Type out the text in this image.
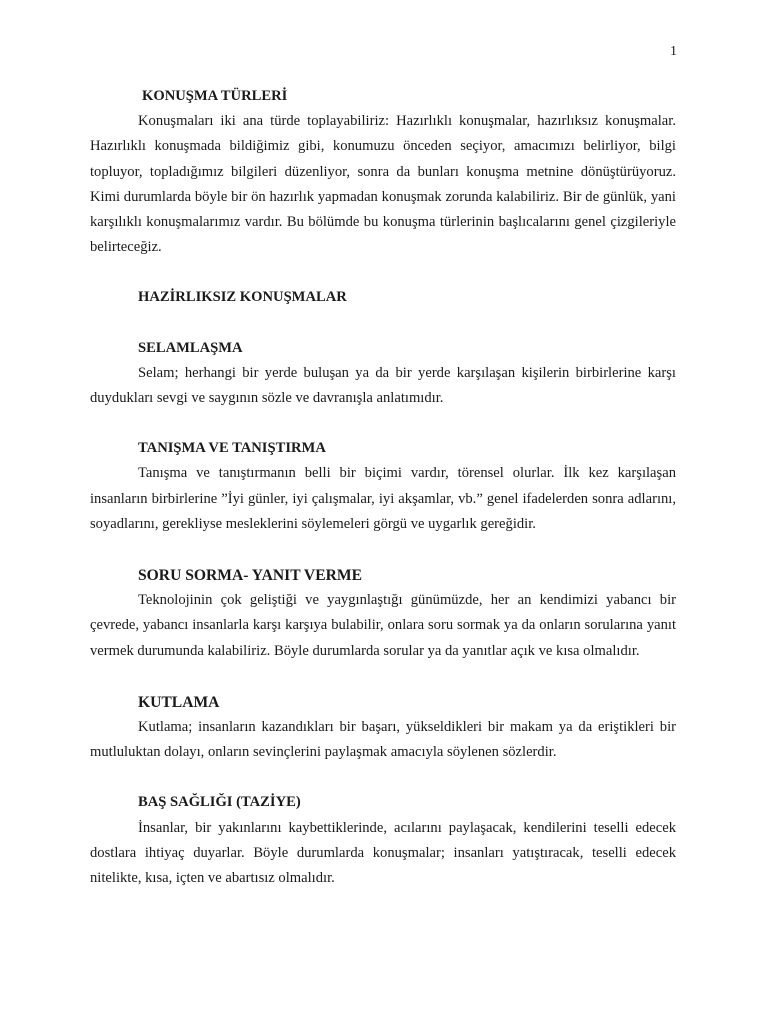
1
KONUŞMA TÜRLERİ

Konuşmaları iki ana türde toplayabiliriz: Hazırlıklı konuşmalar, hazırlıksız konuşmalar. Hazırlıklı konuşmada bildiğimiz gibi, konumuzu önceden seçiyor, amacımızı belirliyor, bilgi topluyor, topladığımız bilgileri düzenliyor, sonra da bunları konuşma metnine dönüştürüyoruz. Kimi durumlarda böyle bir ön hazırlık yapmadan konuşmak zorunda kalabiliriz. Bir de günlük, yani karşılıklı konuşmalarımız vardır. Bu bölümde bu konuşma türlerinin başlıcalarını genel çizgileriyle belirteceğiz.

HAZİRLIKSIZ KONUŞMALAR
SELAMLAŞMA

Selam; herhangi bir yerde buluşan ya da bir yerde karşılaşan kişilerin birbirlerine karşı duydukları sevgi ve saygının sözle ve davranışla anlatımıdır.

TANIŞMA VE TANIŞTIRMA

Tanışma ve tanıştırmanın belli bir biçimi vardır, törensel olurlar. İlk kez karşılaşan insanların birbirlerine ”İyi günler, iyi çalışmalar, iyi akşamlar, vb.” genel ifadelerden sonra adlarını, soyadlarını, gerekliyse mesleklerini söylemeleri görgü ve uygarlık gereğidir.

SORU SORMA- YANIT VERME

Teknolojinin çok geliştiği ve yaygınlaştığı günümüzde, her an kendimizi yabancı bir çevrede, yabancı insanlarla karşı karşıya bulabilir, onlara soru sormak ya da onların sorularına yanıt vermek durumunda kalabiliriz. Böyle durumlarda sorular ya da yanıtlar açık ve kısa olmalıdır.

KUTLAMA

Kutlama; insanların kazandıkları bir başarı, yükseldikleri bir makam ya da eriştikleri bir mutluluktan dolayı, onların sevinçlerini paylaşmak amacıyla söylenen sözlerdir.

BAŞ SAĞLIĞI (TAZİYE)

İnsanlar, bir yakınlarını kaybettiklerinde, acılarını paylaşacak, kendilerini teselli edecek dostlara ihtiyaç duyarlar. Böyle durumlarda konuşmalar; insanları yatıştıracak, teselli edecek nitelikte, kısa, içten ve abartısız olmalıdır.
